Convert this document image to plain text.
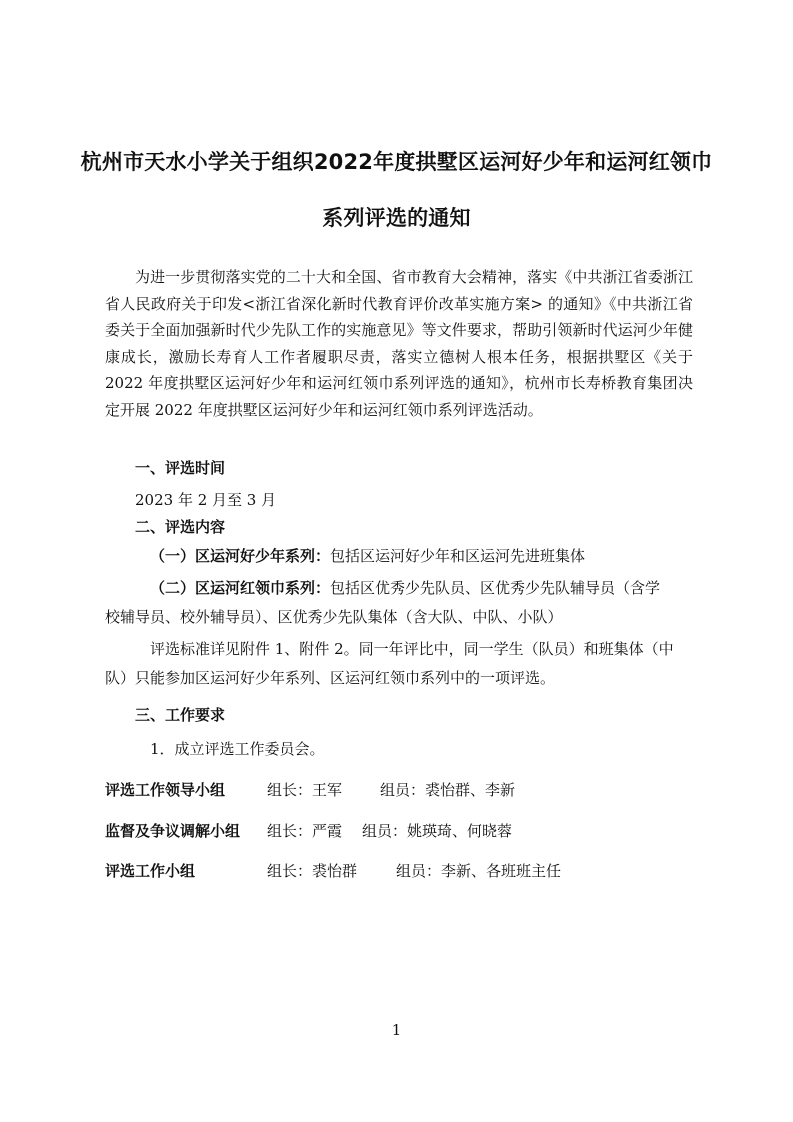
杭州市天水小学关于组织2022年度拱墅区运河好少年和运河红领巾
系列评选的通知

为进一步贯彻落实党的二十大和全国、省市教育大会精神，落实《中共浙江省委浙江省人民政府关于印发<浙江省深化新时代教育评价改革实施方案> 的通知》《中共浙江省委关于全面加强新时代少先队工作的实施意见》等文件要求，帮助引领新时代运河少年健康成长，激励长寿育人工作者履职尽责，落实立德树人根本任务，根据拱墅区《关于 2022 年度拱墅区运河好少年和运河红领巾系列评选的通知》，杭州市长寿桥教育集团决定开展 2022 年度拱墅区运河好少年和运河红领巾系列评选活动。

一、评选时间
2023 年 2 月至 3 月
二、评选内容
（一）区运河好少年系列：包括区运河好少年和区运河先进班集体
（二）区运河红领巾系列：包括区优秀少先队员、区优秀少先队辅导员（含学
校辅导员、校外辅导员）、区优秀少先队集体（含大队、中队、小队）
评选标准详见附件 1、附件 2。同一年评比中，同一学生（队员）和班集体（中
队）只能参加区运河好少年系列、区运河红领巾系列中的一项评选。
三、工作要求
1．成立评选工作委员会。
评选工作领导小组	组长：王军	组员：裘怡群、李新
监督及争议调解小组 组长：严霞 组员：姚瑛琦、何晓蓉
评选工作小组	组长：裘怡群	组员：李新、各班班主任
1
